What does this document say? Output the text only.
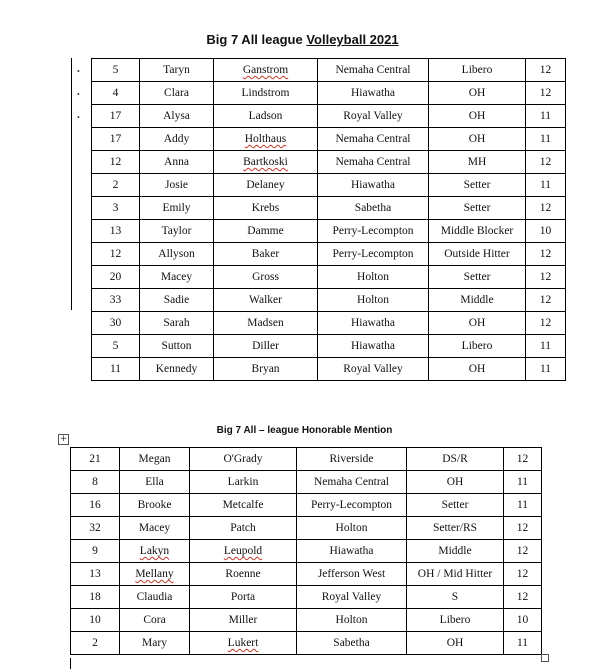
Big 7 All league Volleyball 2021
•
•
•
5	Taryn	Ganstrom	Nemaha Central	Libero	12
4	Clara	Lindstrom	Hiawatha	OH	12
17	Alysa	Ladson	Royal Valley	OH	11
17	Addy	Holthaus	Nemaha Central	OH	11
12	Anna	Bartkoski	Nemaha Central	MH	12
2	Josie	Delaney	Hiawatha	Setter	11
3	Emily	Krebs	Sabetha	Setter	12
13	Taylor	Damme	Perry-Lecompton	Middle Blocker	10
12	Allyson	Baker	Perry-Lecompton	Outside Hitter	12
20	Macey	Gross	Holton	Setter	12
33	Sadie	Walker	Holton	Middle	12
30	Sarah	Madsen	Hiawatha	OH	12
5	Sutton	Diller	Hiawatha	Libero	11
11	Kennedy	Bryan	Royal Valley	OH	11
Big 7 All – league Honorable Mention
+
21	Megan	O'Grady	Riverside	DS/R	12
8	Ella	Larkin	Nemaha Central	OH	11
16	Brooke	Metcalfe	Perry-Lecompton	Setter	11
32	Macey	Patch	Holton	Setter/RS	12
9	Lakyn	Leupold	Hiawatha	Middle	12
13	Mellany	Roenne	Jefferson West	OH / Mid Hitter	12
18	Claudia	Porta	Royal Valley	S	12
10	Cora	Miller	Holton	Libero	10
2	Mary	Lukert	Sabetha	OH	11
